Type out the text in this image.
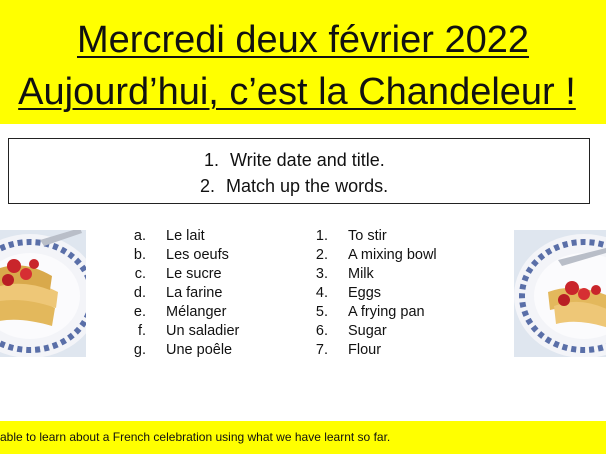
Mercredi deux février 2022
Aujourd’hui, c’est la Chandeleur !
1. Write date and title.
2. Match up the words.
a. Le lait
b. Les oeufs
c. Le sucre
d. La farine
e. Mélanger
f. Un saladier
g. Une poêle
1. To stir
2. A mixing bowl
3. Milk
4. Eggs
5. A frying pan
6. Sugar
7. Flour
able to learn about a French celebration using what we have learnt so far.
